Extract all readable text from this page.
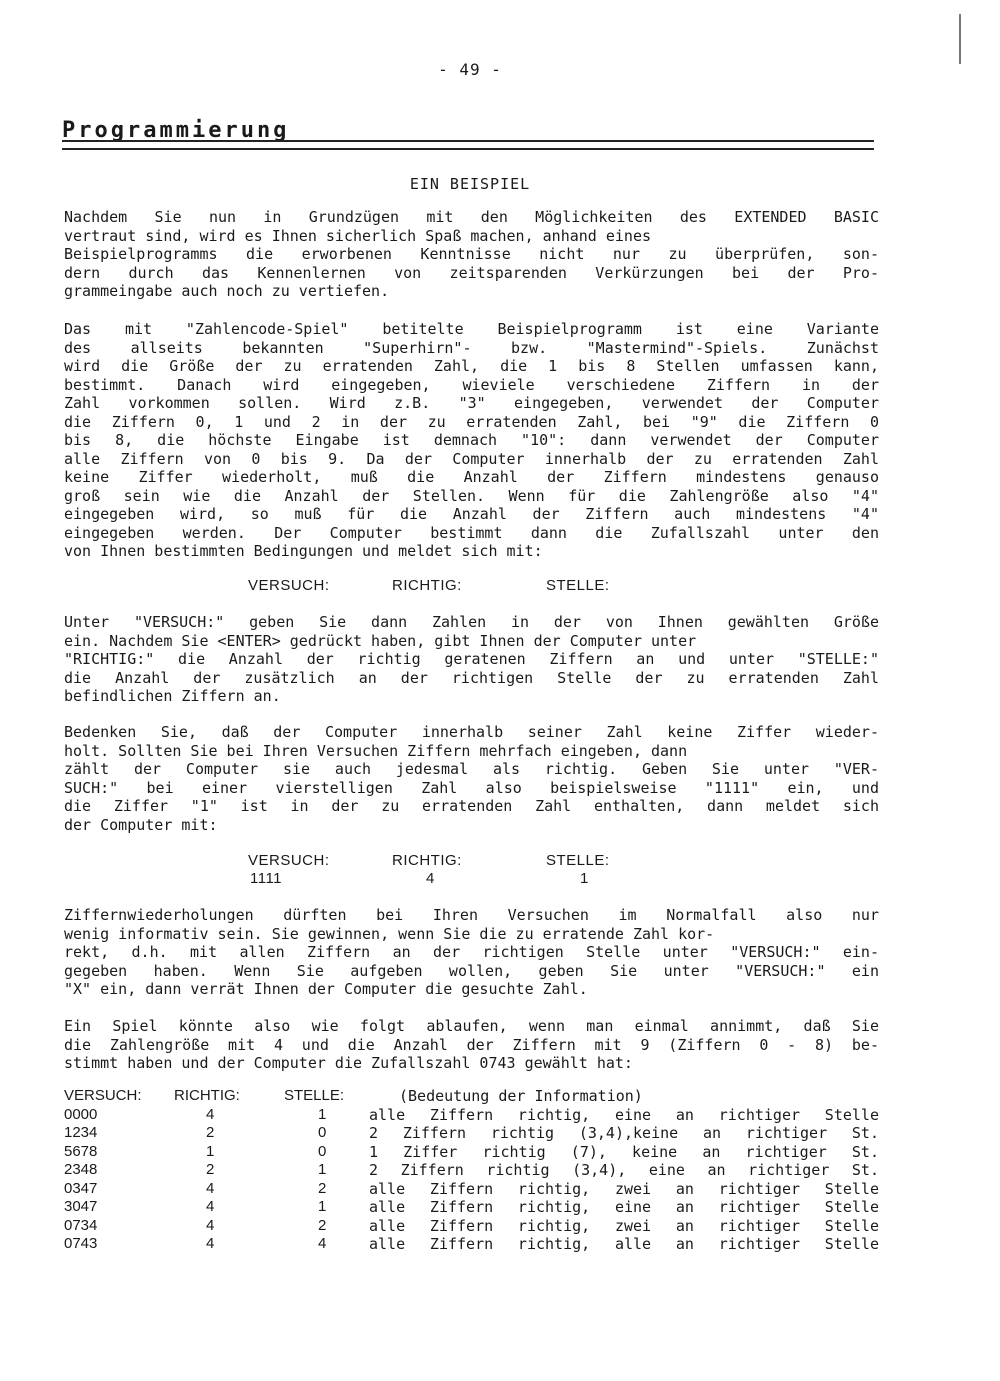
- 49 -
Programmierung
EIN BEISPIEL
Nachdem Sie nun in Grundzügen mit den Möglichkeiten des EXTENDED BASIC
vertraut sind, wird es Ihnen sicherlich Spaß machen, anhand eines
Beispielprogramms die erworbenen Kenntnisse nicht nur zu überprüfen, son-
dern durch das Kennenlernen von zeitsparenden Verkürzungen bei der Pro-
grammeingabe auch noch zu vertiefen.
Das mit "Zahlencode-Spiel" betitelte Beispielprogramm ist eine Variante
des allseits bekannten "Superhirn"- bzw. "Mastermind"-Spiels. Zunächst
wird die Größe der zu erratenden Zahl, die 1 bis 8 Stellen umfassen kann,
bestimmt. Danach wird eingegeben, wieviele verschiedene Ziffern in der
Zahl vorkommen sollen. Wird z.B. "3" eingegeben, verwendet der Computer
die Ziffern 0, 1 und 2 in der zu erratenden Zahl, bei "9" die Ziffern 0
bis 8, die höchste Eingabe ist demnach "10": dann verwendet der Computer
alle Ziffern von 0 bis 9. Da der Computer innerhalb der zu erratenden Zahl
keine Ziffer wiederholt, muß die Anzahl der Ziffern mindestens genauso
groß sein wie die Anzahl der Stellen. Wenn für die Zahlengröße also "4"
eingegeben wird, so muß für die Anzahl der Ziffern auch mindestens "4"
eingegeben werden. Der Computer bestimmt dann die Zufallszahl unter den
von Ihnen bestimmten Bedingungen und meldet sich mit:
VERSUCH:	RICHTIG:	STELLE:
Unter "VERSUCH:" geben Sie dann Zahlen in der von Ihnen gewählten Größe
ein. Nachdem Sie <ENTER> gedrückt haben, gibt Ihnen der Computer unter
"RICHTIG:" die Anzahl der richtig geratenen Ziffern an und unter "STELLE:"
die Anzahl der zusätzlich an der richtigen Stelle der zu erratenden Zahl
befindlichen Ziffern an.
Bedenken Sie, daß der Computer innerhalb seiner Zahl keine Ziffer wieder-
holt. Sollten Sie bei Ihren Versuchen Ziffern mehrfach eingeben, dann
zählt der Computer sie auch jedesmal als richtig. Geben Sie unter "VER-
SUCH:" bei einer vierstelligen Zahl also beispielsweise "1111" ein, und
die Ziffer "1" ist in der zu erratenden Zahl enthalten, dann meldet sich
der Computer mit:
VERSUCH:	RICHTIG:	STELLE:
1111	4	1
Ziffernwiederholungen dürften bei Ihren Versuchen im Normalfall also nur
wenig informativ sein. Sie gewinnen, wenn Sie die zu erratende Zahl kor-
rekt, d.h. mit allen Ziffern an der richtigen Stelle unter "VERSUCH:" ein-
gegeben haben. Wenn Sie aufgeben wollen, geben Sie unter "VERSUCH:" ein
"X" ein, dann verrät Ihnen der Computer die gesuchte Zahl.
Ein Spiel könnte also wie folgt ablaufen, wenn man einmal annimmt, daß Sie
die Zahlengröße mit 4 und die Anzahl der Ziffern mit 9 (Ziffern 0 - 8) be-
stimmt haben und der Computer die Zufallszahl 0743 gewählt hat:
VERSUCH:	RICHTIG:	STELLE:	(Bedeutung der Information)
0000	4	1	alle Ziffern richtig, eine an richtiger Stelle
1234	2	0	2 Ziffern richtig (3,4),keine an richtiger St.
5678	1	0	1 Ziffer richtig (7), keine an richtiger St.
2348	2	1	2 Ziffern richtig (3,4), eine an richtiger St.
0347	4	2	alle Ziffern richtig, zwei an richtiger Stelle
3047	4	1	alle Ziffern richtig, eine an richtiger Stelle
0734	4	2	alle Ziffern richtig, zwei an richtiger Stelle
0743	4	4	alle Ziffern richtig, alle an richtiger Stelle
